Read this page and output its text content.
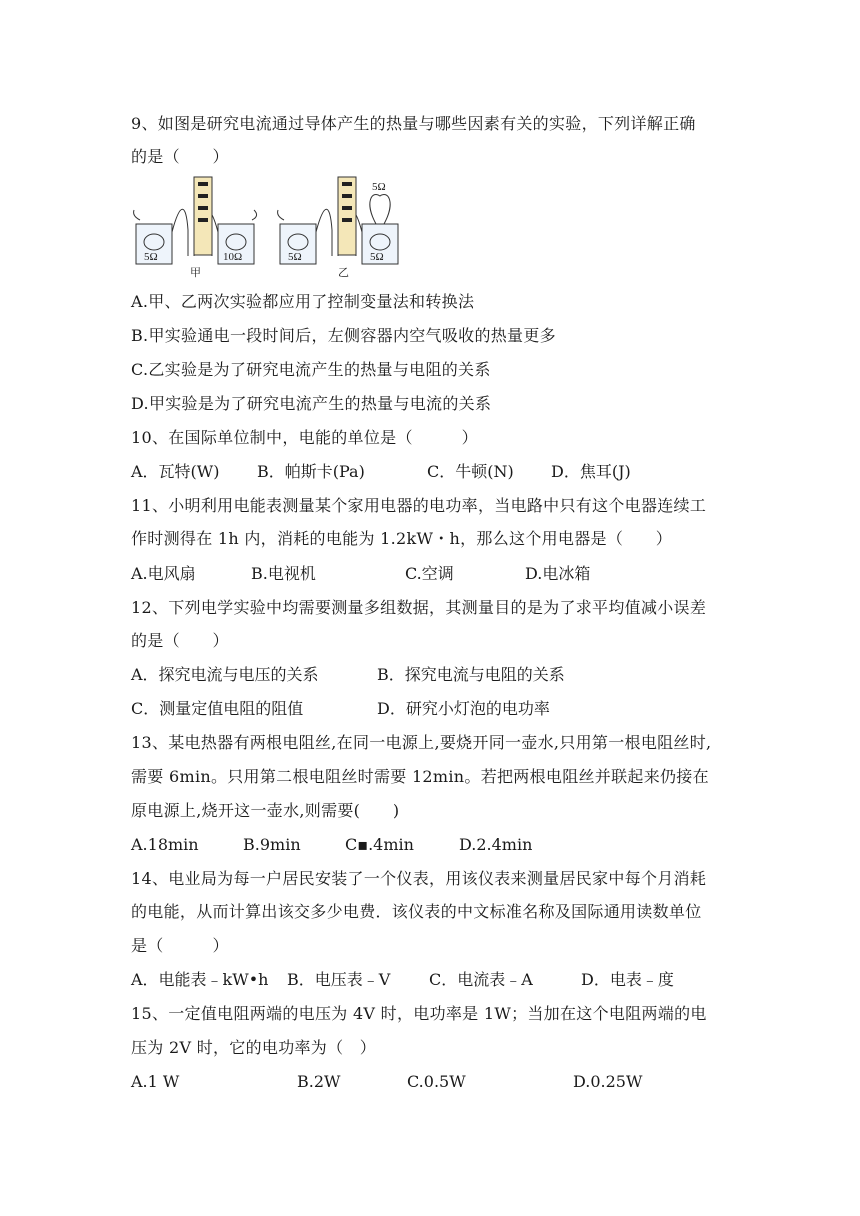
9、如图是研究电流通过导体产生的热量与哪些因素有关的实验，下列详解正确
的是（　　）
5Ω	10Ω
甲
5Ω	5Ω
5Ω
乙
A.甲、乙两次实验都应用了控制变量法和转换法
B.甲实验通电一段时间后，左侧容器内空气吸收的热量更多
C.乙实验是为了研究电流产生的热量与电阻的关系
D.甲实验是为了研究电流产生的热量与电流的关系
10、在国际单位制中，电能的单位是（　　　）

A．瓦特(W)

B．帕斯卡(Pa)

	C．牛顿(N)

D．焦耳(J)

11、小明利用电能表测量某个家用电器的电功率，当电路中只有这个电器连续工
作时测得在 1h 内，消耗的电能为 1.2kW・h，那么这个用电器是（　　）

A.电风扇

	B.电视机

	C.空调

	D.电冰箱

12、下列电学实验中均需要测量多组数据，其测量目的是为了求平均值减小误差
的是（　　）

A．探究电流与电压的关系

	B．探究电流与电阻的关系

C．测量定值电阻的阻值

	D．研究小灯泡的电功率

13、某电热器有两根电阻丝,在同一电源上,要烧开同一壶水,只用第一根电阻丝时,
需要 6min。只用第二根电阻丝时需要 12min。若把两根电阻丝并联起来仍接在
原电源上,烧开这一壶水,则需要(　　)

A.18min

	B.9min

	C▪.4min

	D.2.4min

14、电业局为每一户居民安装了一个仪表，用该仪表来测量居民家中每个月消耗
的电能，从而计算出该交多少电费．该仪表的中文标准名称及国际通用读数单位
是（　　　）

A．电能表﹣kW•h

B．电压表﹣V

C．电流表﹣A

	D．电表﹣度

15、一定值电阻两端的电压为 4V 时，电功率是 1W；当加在这个电阻两端的电
压为 2V 时，它的电功率为（　）

A.1 W

	B.2W

	C.0.5W

	D.0.25W
